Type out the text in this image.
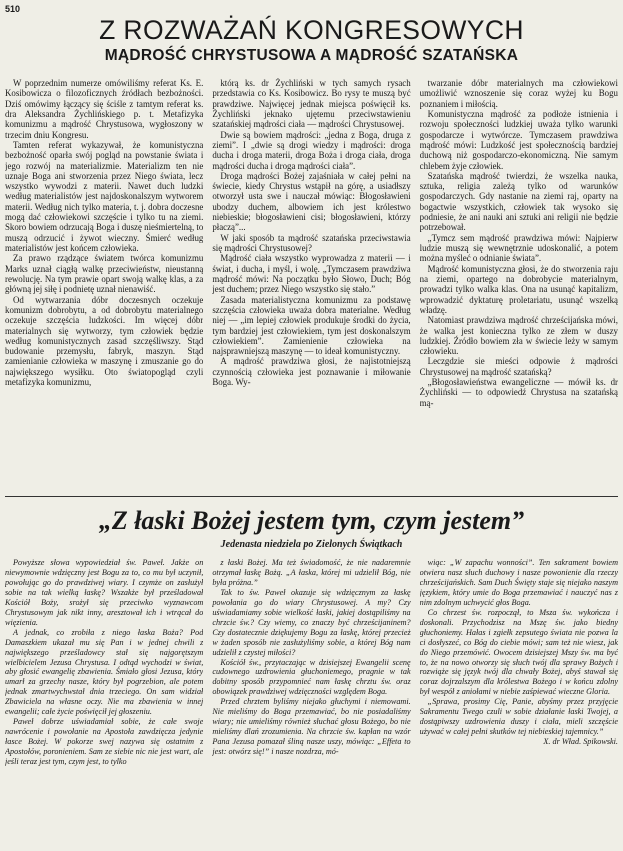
510
Z ROZWAŻAŃ KONGRESOWYCH
MĄDROŚĆ CHRYSTUSOWA A MĄDROŚĆ SZATAŃSKA

W poprzednim numerze omówiliśmy referat Ks. E. Kosibowicza o filozoficznych źródłach bezbożności. Dziś omówimy łączący się ściśle z tamtym referat ks. dra Aleksandra Żychlińskiego p. t. Metafizyka komunizmu a mądrość Chrystusowa, wygłoszony w trzecim dniu Kongresu.

Tamten referat wykazywał, że komunistyczna bezbożność oparła swój pogląd na powstanie świata i jego rozwój na materializmie. Materializm ten nie uznaje Boga ani stworzenia przez Niego świata, lecz wszystko wywodzi z materii. Nawet duch ludzki według materialistów jest najdoskonalszym wytworem materii. Według nich tylko materia, t. j. dobra doczesne mogą dać człowiekowi szczęście i tylko tu na ziemi. Skoro bowiem odrzucają Boga i duszę nieśmiertelną, to muszą odrzucić i żywot wieczny. Śmierć według materialistów jest końcem człowieka.

Za prawo rządzące światem twórca komunizmu Marks uznał ciągłą walkę przeciwieństw, nieustanną rewolucję. Na tym prawie opart swoją walkę klas, a za główną jej siłę i podnietę uznał nienawiść.

Od wytwarzania dóbr doczesnych oczekuje komunizm dobrobytu, a od dobrobytu materialnego oczekuje szczęścia ludzkości. Im więcej dóbr materialnych się wytworzy, tym człowiek będzie według komunistycznych zasad szczęśliwszy. Stąd budowanie przemysłu, fabryk, maszyn. Stąd zamienianie człowieka w maszynę i zmuszanie go do największego wysiłku. Oto światopogląd czyli metafizyka komunizmu,

którą ks. dr Żychliński w tych samych rysach przedstawia co Ks. Kosibowicz. Bo rysy te muszą być prawdziwe. Najwięcej jednak miejsca poświęcił ks. Żychliński jeknako ujętemu przeciwstawieniu szatańskiej mądrości ciała — mądrości Chrystusowej.

Dwie są bowiem mądrości: „jedna z Boga, druga z ziemi”. I „dwie są drogi wiedzy i mądrości: droga ducha i droga materii, droga Boża i droga ciała, droga mądrości ducha i droga mądrości ciała”.

Droga mądrości Bożej zajaśniała w całej pełni na świecie, kiedy Chrystus wstąpił na górę, a usiadłszy otworzył usta swe i nauczał mówiąc: Błogosławieni ubodzy duchem, albowiem ich jest królestwo niebieskie; błogosławieni cisi; błogosławieni, którzy płaczą”...

W jaki sposób ta mądrość szatańska przeciwstawia się mądrości Chrystusowej?

Mądrość ciała wszystko wyprowadza z materii — i świat, i ducha, i myśl, i wolę. „Tymczasem prawdziwa mądrość mówi: Na początku było Słowo, Duch; Bóg jest duchem; przez Niego wszystko się stało.”

Zasada materialistyczna komunizmu za podstawę szczęścia człowieka uważa dobra materialne. Według niej — „im lepiej człowiek produkuje środki do życia, tym bardziej jest człowiekiem, tym jest doskonalszym człowiekiem”. Zamienienie człowieka na najsprawniejszą maszynę — to ideał komunistyczny.

A mądrość prawdziwa głosi, że najistotniejszą czynnością człowieka jest poznawanie i miłowanie Boga. Wy-

twarzanie dóbr materialnych ma człowiekowi umożliwić wznoszenie się coraz wyżej ku Bogu poznaniem i miłością.

Komunistyczna mądrość za podłoże istnienia i rozwoju społeczności ludzkiej uważa tylko warunki gospodarcze i wytwórcze. Tymczasem prawdziwa mądrość mówi: Ludzkość jest społecznością bardziej duchową niż gospodarczo-ekonomiczną. Nie samym chlebem żyje człowiek.

Szatańska mądrość twierdzi, że wszelka nauka, sztuka, religia zależą tylko od warunków gospodarczych. Gdy nastanie na ziemi raj, oparty na bogactwie wszystkich, człowiek tak wysoko się podniesie, że ani nauki ani sztuki ani religii nie będzie potrzebował.

„Tymcz sem mądrość prawdziwa mówi: Najpierw ludzie muszą się wewnętrznie udoskonalić, a potem można myśleć o odnianie świata”.

Mądrość komunistyczna głosi, że do stworzenia raju na ziemi, opartego na dobrobycie materialnym, prowadzi tylko walka klas. Ona na usunąć kapitalizm, wprowadzić dyktaturę proletariatu, usunąć wszelką władzę.

Natomiast prawdziwa mądrość chrześcijańska mówi, że walka jest konieczna tylko ze złem w duszy ludzkiej. Źródło bowiem zła w świecie leży w samym człowieku.

Leczgdzie sie mieści odpowie ż mądrości Chrystusowej na mądrość szatańską?

„Błogosławieństwa ewangeliczne — mówił ks. dr Żychliński — to odpowiedź Chrystusa na szatańską mą-

„Z łaski Bożej jestem tym, czym jestem”
Jedenasta niedziela po Zielonych Świątkach

Powyższe słowa wypowiedział św. Paweł. Jakże on niewymownie wdzięczny jest Bogu za to, co mu był uczynił, powołując go do prawdziwej wiary. I czymże on zasłużył sobie na tak wielką łaskę? Wszakże był prześladował Kościół Boży, srożył się przeciwko wyznawcom Chrystusowym jak nikt inny, aresztował ich i wtrącał do więzienia.

A jednak, co zrobiła z niego łaska Boża? Pod Damaszkiem ukazał mu się Pan i w jednej chwili z największego prześladowcy stał się najgorętszym wielbicielem Jezusa Chrystusa. I odtąd wychodzi w świat, aby głosić ewangelię zbawienia. Śmiało głosi Jezusa, który umarł za grzechy nasze, który był pogrzebion, ale potem jednak zmartwychwstał dnia trzeciego. On sam widział Zbawiciela na własne oczy. Nie ma zbawienia w innej ewangelii; całe życie poświęcił jej głoszeniu.

Paweł dobrze uświadamiał sobie, że całe swoje nawrócenie i powołanie na Apostoła zawdzięcza jedynie łasce Bożej. W pokorze swej nazywa się ostatnim z Apostołów, poronieniem. Sam ze siebie nic nie jest wart, ale jeśli teraz jest tym, czym jest, to tylko

z łaski Bożej. Ma też świadomość, że nie nadaremnie otrzymał łaskę Bożą. „A łaska, której mi udzielił Bóg, nie była próżna.”

Tak to św. Paweł okazuje się wdzięcznym za łaskę powołania go do wiary Chrystusowej. A my? Czy uświadamiamy sobie wielkość łaski, jakiej dostąpiliśmy na chrzcie św.? Czy wiemy, co znaczy być chrześcijaninem? Czy dostatecznie dziękujemy Bogu za łaskę, której przecież w żaden sposób nie zasłużyliśmy sobie, a której Bóg nam udzielił z czystej miłości?

Kościół św., przytaczając w dzisiejszej Ewangelii scenę cudownego uzdrowienia głuchoniemego, pragnie w tak dobitny sposób przypomnieć nam łaskę chrztu św. oraz obowiązek prawdziwej wdzięczności względem Boga.

Przed chrztem byliśmy niejako głuchymi i niemowami. Nie mieliśmy do Boga przemawiać, bo nie posiadaliśmy wiary; nie umieliśmy również słuchać głosu Bożego, bo nie mieliśmy dlań zrozumienia. Na chrzcie św. kapłan na wzór Pana Jezusa pomazał śliną nasze uszy, mówiąc: „Effeta to jest: otwórz się!” i nasze nozdrza, mó-

wiąc: „W zapachu wonności”. Ten sakrament bowiem otwiera nasz słuch duchowy i nasze powonienie dla rzeczy chrześcijańskich. Sam Duch Święty staje się niejako naszym językiem, który umie do Boga przemawiać i nauczyć nas z nim zdolnym uchwycić głos Boga.

Co chrzest św. rozpoczął, to Msza św. wykończa i doskonali. Przychodzisz na Mszę św. jako biedny głuchoniemy. Hałas i zgiełk zepsutego świata nie pozwa la ci dosłyszeć, co Bóg do ciebie mówi; sam też nie wiesz, jak do Niego przemówić. Owocem dzisiejszej Mszy św. ma być to, że na nowo otworzy się słuch twój dla sprawy Bożych i rozwiąże się język twój dla chwały Bożej, abyś stawał się coraz dojrzalszym dla królestwa Bożego i w końcu zdolny był wespół z aniołami w niebie zaśpiewać wieczne Gloria.

„Sprawa, prosimy Cię, Panie, abyśmy przez przyjęcie Sakramentu Twego czuli w sobie działanie łaski Twojej, a dostąpiwszy uzdrowienia duszy i ciała, mieli szczęście używać w całej pełni skutków tej niebieskiej tajemnicy.”

X. dr Wład. Spikowski.
